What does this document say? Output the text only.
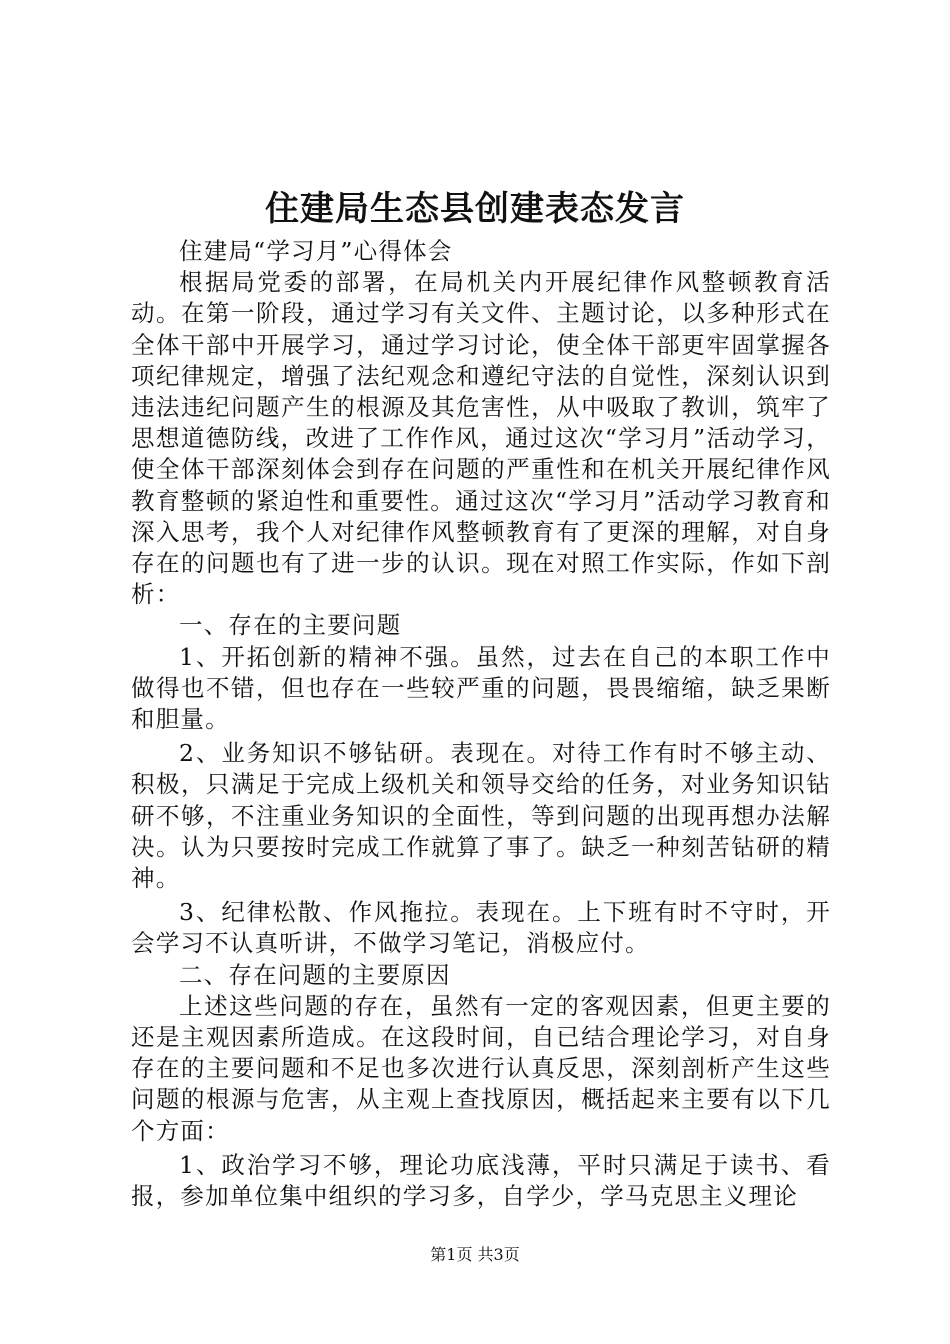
住建局生态县创建表态发言

住建局“学习月”心得体会

根据局党委的部署，在局机关内开展纪律作风整顿教育活动。在第一阶段，通过学习有关文件、主题讨论，以多种形式在全体干部中开展学习，通过学习讨论，使全体干部更牢固掌握各项纪律规定，增强了法纪观念和遵纪守法的自觉性，深刻认识到违法违纪问题产生的根源及其危害性，从中吸取了教训，筑牢了思想道德防线，改进了工作作风，通过这次“学习月”活动学习，使全体干部深刻体会到存在问题的严重性和在机关开展纪律作风教育整顿的紧迫性和重要性。通过这次“学习月”活动学习教育和深入思考，我个人对纪律作风整顿教育有了更深的理解，对自身存在的问题也有了进一步的认识。现在对照工作实际，作如下剖析：

一、存在的主要问题

1、开拓创新的精神不强。虽然，过去在自己的本职工作中做得也不错，但也存在一些较严重的问题，畏畏缩缩，缺乏果断和胆量。

2、业务知识不够钻研。表现在。对待工作有时不够主动、积极，只满足于完成上级机关和领导交给的任务，对业务知识钻研不够，不注重业务知识的全面性，等到问题的出现再想办法解决。认为只要按时完成工作就算了事了。缺乏一种刻苦钻研的精神。

3、纪律松散、作风拖拉。表现在。上下班有时不守时，开会学习不认真听讲，不做学习笔记，消极应付。

二、存在问题的主要原因

上述这些问题的存在，虽然有一定的客观因素，但更主要的还是主观因素所造成。在这段时间，自已结合理论学习，对自身存在的主要问题和不足也多次进行认真反思，深刻剖析产生这些问题的根源与危害，从主观上查找原因，概括起来主要有以下几个方面：

1、政治学习不够，理论功底浅薄，平时只满足于读书、看报，参加单位集中组织的学习多，自学少，学马克思主义理论

第1页 共3页
